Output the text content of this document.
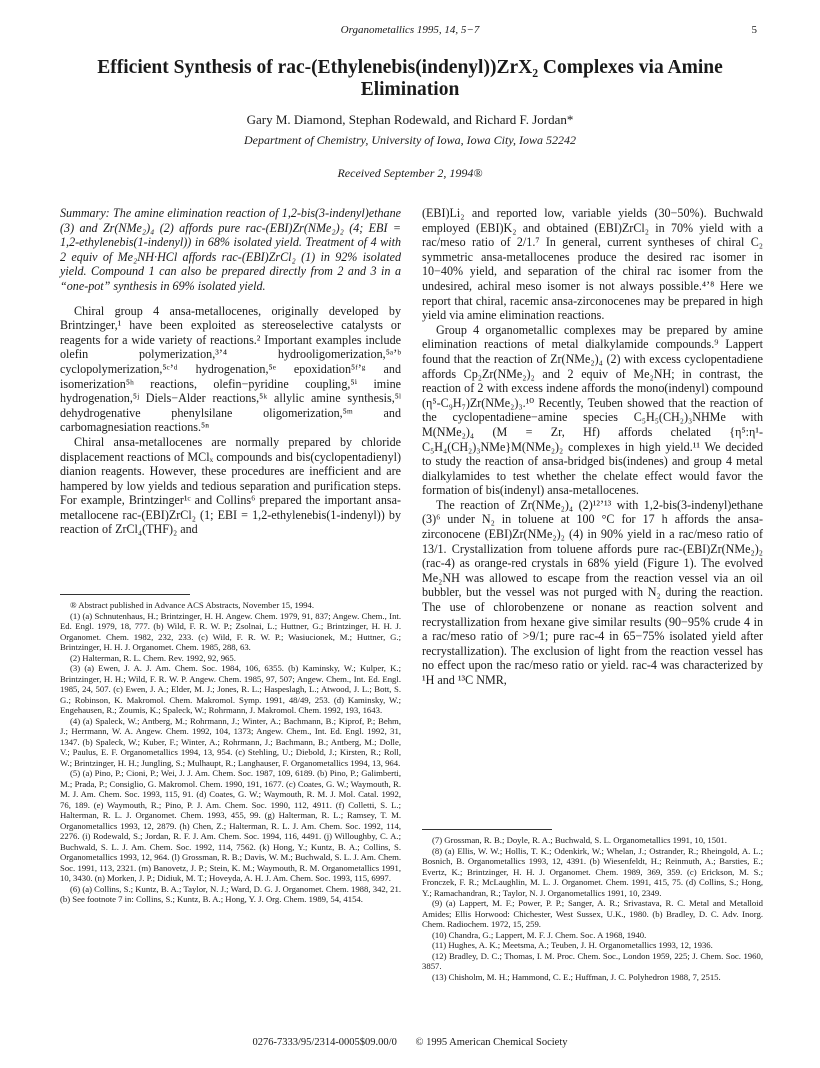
Organometallics 1995, 14, 5−7	5
Efficient Synthesis of rac-(Ethylenebis(indenyl))ZrX₂ Complexes via Amine Elimination
Gary M. Diamond, Stephan Rodewald, and Richard F. Jordan*
Department of Chemistry, University of Iowa, Iowa City, Iowa 52242
Received September 2, 1994®

Summary: The amine elimination reaction of 1,2-bis(3-indenyl)ethane (3) and Zr(NMe₂)₄ (2) affords pure rac-(EBI)Zr(NMe₂)₂ (4; EBI = 1,2-ethylenebis(1-indenyl)) in 68% isolated yield. Treatment of 4 with 2 equiv of Me₂NH·HCl affords rac-(EBI)ZrCl₂ (1) in 92% isolated yield. Compound 1 can also be prepared directly from 2 and 3 in a “one-pot” synthesis in 69% isolated yield.

Chiral group 4 ansa-metallocenes, originally developed by Brintzinger,¹ have been exploited as stereoselective catalysts or reagents for a wide variety of reactions.² Important examples include olefin polymerization,³ʼ⁴ hydrooligomerization,⁵ᵃʼᵇ cyclopolymerization,⁵ᶜʼᵈ hydrogenation,⁵ᵉ epoxidation⁵ᶠʼᵍ and isomerization⁵ʰ reactions, olefin−pyridine coupling,⁵ⁱ imine hydrogenation,⁵ʲ Diels−Alder reactions,⁵ᵏ allylic amine synthesis,⁵ˡ dehydrogenative phenylsilane oligomerization,⁵ᵐ and carbomagnesiation reactions.⁵ⁿ

Chiral ansa-metallocenes are normally prepared by chloride displacement reactions of MClₓ compounds and bis(cyclopentadienyl) dianion reagents. However, these procedures are inefficient and are hampered by low yields and tedious separation and purification steps. For example, Brintzinger¹ᶜ and Collins⁶ prepared the important ansa-metallocene rac-(EBI)ZrCl₂ (1; EBI = 1,2-ethylenebis(1-indenyl)) by reaction of ZrCl₄(THF)₂ and

(EBI)Li₂ and reported low, variable yields (30−50%). Buchwald employed (EBI)K₂ and obtained (EBI)ZrCl₂ in 70% yield with a rac/meso ratio of 2/1.⁷ In general, current syntheses of chiral C₂ symmetric ansa-metallocenes produce the desired rac isomer in 10−40% yield, and separation of the chiral rac isomer from the undesired, achiral meso isomer is not always possible.⁴ʼ⁸ Here we report that chiral, racemic ansa-zirconocenes may be prepared in high yield via amine elimination reactions.

Group 4 organometallic complexes may be prepared by amine elimination reactions of metal dialkylamide compounds.⁹ Lappert found that the reaction of Zr(NMe₂)₄ (2) with excess cyclopentadiene affords Cp₂Zr(NMe₂)₂ and 2 equiv of Me₂NH; in contrast, the reaction of 2 with excess indene affords the mono(indenyl) compound (η⁵-C₉H₇)Zr(NMe₂)₃.¹⁰ Recently, Teuben showed that the reaction of the cyclopentadiene−amine species C₅H₅(CH₂)₃NHMe with M(NMe₂)₄ (M = Zr, Hf) affords chelated {η⁵:η¹-C₅H₄(CH₂)₃NMe}M(NMe₂)₂ complexes in high yield.¹¹ We decided to study the reaction of ansa-bridged bis(indenes) and group 4 metal dialkylamides to test whether the chelate effect would favor the formation of bis(indenyl) ansa-metallocenes.

The reaction of Zr(NMe₂)₄ (2)¹²ʼ¹³ with 1,2-bis(3-indenyl)ethane (3)⁶ under N₂ in toluene at 100 °C for 17 h affords the ansa-zirconocene (EBI)Zr(NMe₂)₂ (4) in 90% yield in a rac/meso ratio of 13/1. Crystallization from toluene affords pure rac-(EBI)Zr(NMe₂)₂ (rac-4) as orange-red crystals in 68% yield (Figure 1). The evolved Me₂NH was allowed to escape from the reaction vessel via an oil bubbler, but the vessel was not purged with N₂ during the reaction. The use of chlorobenzene or nonane as reaction solvent and recrystallization from hexane give similar results (90−95% crude 4 in a rac/meso ratio of >9/1; pure rac-4 in 65−75% isolated yield after recrystallization). The exclusion of light from the reaction vessel has no effect upon the rac/meso ratio or yield. rac-4 was characterized by ¹H and ¹³C NMR,

® Abstract published in Advance ACS Abstracts, November 15, 1994.

(1) (a) Schnutenhaus, H.; Brintzinger, H. H. Angew. Chem. 1979, 91, 837; Angew. Chem., Int. Ed. Engl. 1979, 18, 777. (b) Wild, F. R. W. P.; Zsolnai, L.; Huttner, G.; Brintzinger, H. H. J. Organomet. Chem. 1982, 232, 233. (c) Wild, F. R. W. P.; Wasiucionek, M.; Huttner, G.; Brintzinger, H. H. J. Organomet. Chem. 1985, 288, 63.

(2) Halterman, R. L. Chem. Rev. 1992, 92, 965.

(3) (a) Ewen, J. A. J. Am. Chem. Soc. 1984, 106, 6355. (b) Kaminsky, W.; Kulper, K.; Brintzinger, H. H.; Wild, F. R. W. P. Angew. Chem. 1985, 97, 507; Angew. Chem., Int. Ed. Engl. 1985, 24, 507. (c) Ewen, J. A.; Elder, M. J.; Jones, R. L.; Haspeslagh, L.; Atwood, J. L.; Bott, S. G.; Robinson, K. Makromol. Chem. Makromol. Symp. 1991, 48/49, 253. (d) Kaminsky, W.; Engehausen, R.; Zoumis, K.; Spaleck, W.; Rohrmann, J. Makromol. Chem. 1992, 193, 1643.

(4) (a) Spaleck, W.; Antberg, M.; Rohrmann, J.; Winter, A.; Bachmann, B.; Kiprof, P.; Behm, J.; Herrmann, W. A. Angew. Chem. 1992, 104, 1373; Angew. Chem., Int. Ed. Engl. 1992, 31, 1347. (b) Spaleck, W.; Kuber, F.; Winter, A.; Rohrmann, J.; Bachmann, B.; Antberg, M.; Dolle, V.; Paulus, E. F. Organometallics 1994, 13, 954. (c) Stehling, U.; Diebold, J.; Kirsten, R.; Roll, W.; Brintzinger, H. H.; Jungling, S.; Mulhaupt, R.; Langhauser, F. Organometallics 1994, 13, 964.

(5) (a) Pino, P.; Cioni, P.; Wei, J. J. Am. Chem. Soc. 1987, 109, 6189. (b) Pino, P.; Galimberti, M.; Prada, P.; Consiglio, G. Makromol. Chem. 1990, 191, 1677. (c) Coates, G. W.; Waymouth, R. M. J. Am. Chem. Soc. 1993, 115, 91. (d) Coates, G. W.; Waymouth, R. M. J. Mol. Catal. 1992, 76, 189. (e) Waymouth, R.; Pino, P. J. Am. Chem. Soc. 1990, 112, 4911. (f) Colletti, S. L.; Halterman, R. L. J. Organomet. Chem. 1993, 455, 99. (g) Halterman, R. L.; Ramsey, T. M. Organometallics 1993, 12, 2879. (h) Chen, Z.; Halterman, R. L. J. Am. Chem. Soc. 1992, 114, 2276. (i) Rodewald, S.; Jordan, R. F. J. Am. Chem. Soc. 1994, 116, 4491. (j) Willoughby, C. A.; Buchwald, S. L. J. Am. Chem. Soc. 1992, 114, 7562. (k) Hong, Y.; Kuntz, B. A.; Collins, S. Organometallics 1993, 12, 964. (l) Grossman, R. B.; Davis, W. M.; Buchwald, S. L. J. Am. Chem. Soc. 1991, 113, 2321. (m) Banovetz, J. P.; Stein, K. M.; Waymouth, R. M. Organometallics 1991, 10, 3430. (n) Morken, J. P.; Didiuk, M. T.; Hoveyda, A. H. J. Am. Chem. Soc. 1993, 115, 6997.

(6) (a) Collins, S.; Kuntz, B. A.; Taylor, N. J.; Ward, D. G. J. Organomet. Chem. 1988, 342, 21. (b) See footnote 7 in: Collins, S.; Kuntz, B. A.; Hong, Y. J. Org. Chem. 1989, 54, 4154.

(7) Grossman, R. B.; Doyle, R. A.; Buchwald, S. L. Organometallics 1991, 10, 1501.

(8) (a) Ellis, W. W.; Hollis, T. K.; Odenkirk, W.; Whelan, J.; Ostrander, R.; Rheingold, A. L.; Bosnich, B. Organometallics 1993, 12, 4391. (b) Wiesenfeldt, H.; Reinmuth, A.; Barsties, E.; Evertz, K.; Brintzinger, H. H. J. Organomet. Chem. 1989, 369, 359. (c) Erickson, M. S.; Fronczek, F. R.; McLaughlin, M. L. J. Organomet. Chem. 1991, 415, 75. (d) Collins, S.; Hong, Y.; Ramachandran, R.; Taylor, N. J. Organometallics 1991, 10, 2349.

(9) (a) Lappert, M. F.; Power, P. P.; Sanger, A. R.; Srivastava, R. C. Metal and Metalloid Amides; Ellis Horwood: Chichester, West Sussex, U.K., 1980. (b) Bradley, D. C. Adv. Inorg. Chem. Radiochem. 1972, 15, 259.

(10) Chandra, G.; Lappert, M. F. J. Chem. Soc. A 1968, 1940.

(11) Hughes, A. K.; Meetsma, A.; Teuben, J. H. Organometallics 1993, 12, 1936.

(12) Bradley, D. C.; Thomas, I. M. Proc. Chem. Soc., London 1959, 225; J. Chem. Soc. 1960, 3857.

(13) Chisholm, M. H.; Hammond, C. E.; Huffman, J. C. Polyhedron 1988, 7, 2515.

0276-7333/95/2314-0005$09.00/0 © 1995 American Chemical Society
